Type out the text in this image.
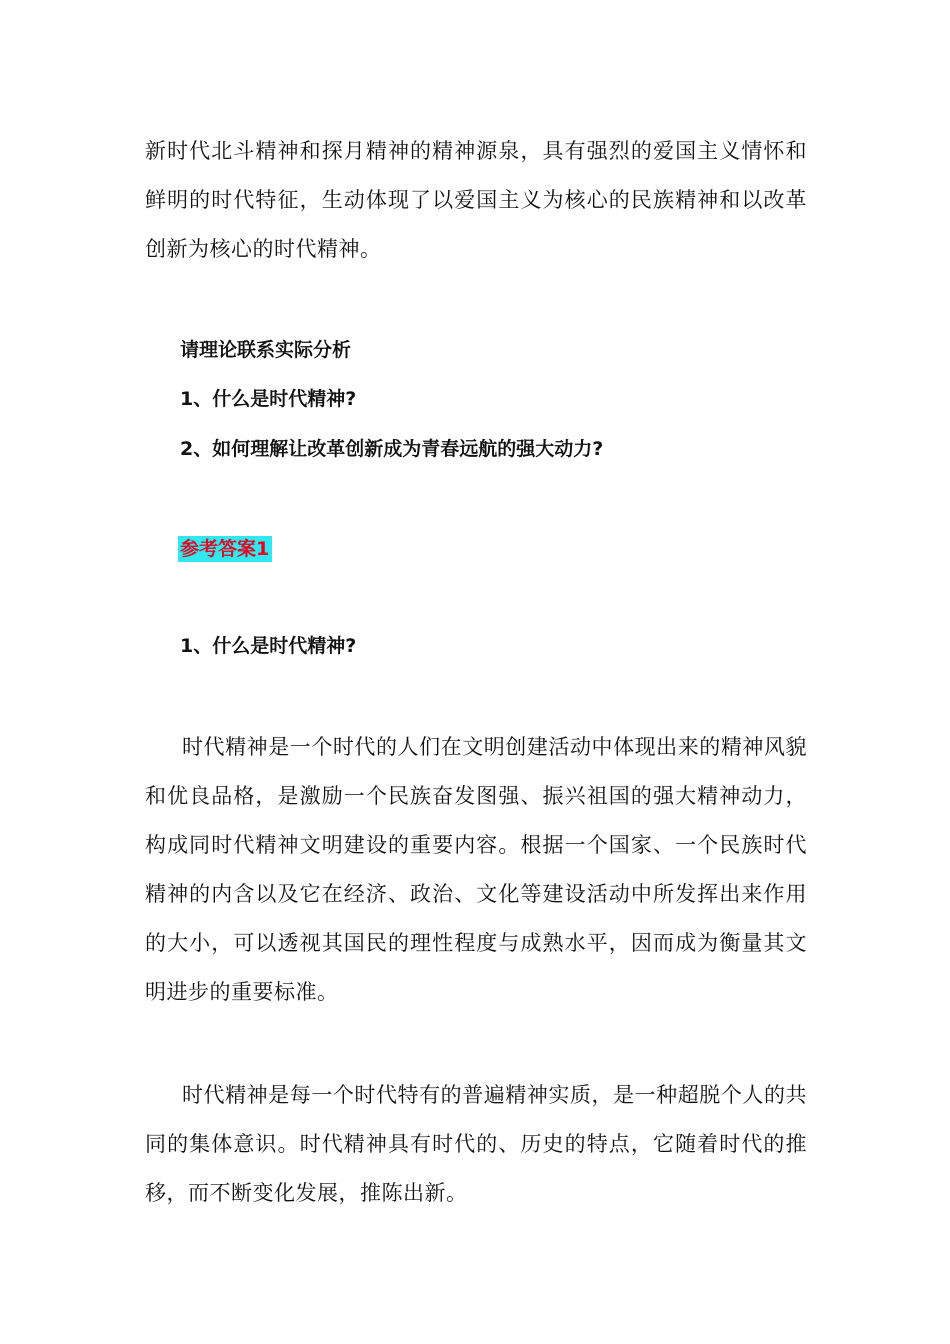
新时代北斗精神和探月精神的精神源泉，具有强烈的爱国主义情怀和鲜明的时代特征，生动体现了以爱国主义为核心的民族精神和以改革创新为核心的时代精神。

请理论联系实际分析

1、什么是时代精神?

2、如何理解让改革创新成为青春远航的强大动力?

参考答案1

1、什么是时代精神?

时代精神是一个时代的人们在文明创建活动中体现出来的精神风貌和优良品格，是激励一个民族奋发图强、振兴祖国的强大精神动力，构成同时代精神文明建设的重要内容。根据一个国家、一个民族时代精神的内含以及它在经济、政治、文化等建设活动中所发挥出来作用的大小，可以透视其国民的理性程度与成熟水平，因而成为衡量其文明进步的重要标准。

时代精神是每一个时代特有的普遍精神实质，是一种超脱个人的共同的集体意识。时代精神具有时代的、历史的特点，它随着时代的推移，而不断变化发展，推陈出新。
